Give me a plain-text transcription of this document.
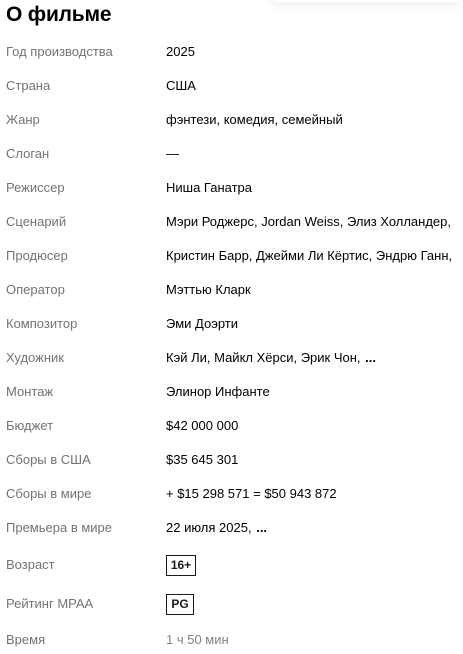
О фильме
Год производства	2025
Страна	США
Жанр	фэнтези, комедия, семейный
Слоган	—
Режиссер	Ниша Ганатра
Сценарий	Мэри Роджерс, Jordan Weiss, Элиз Холландер,
Продюсер	Кристин Барр, Джейми Ли Кёртис, Эндрю Ганн,
Оператор	Мэттью Кларк
Композитор	Эми Доэрти
Художник	Кэй Ли, Майкл Хёрси, Эрик Чон, ...
Монтаж	Элинор Инфанте
Бюджет	$42 000 000
Сборы в США	$35 645 301
Сборы в мире	+ $15 298 571 = $50 943 872
Премьера в мире	22 июля 2025, ...
Возраст	16+
Рейтинг MPAA	PG
Время	1 ч 50 мин
